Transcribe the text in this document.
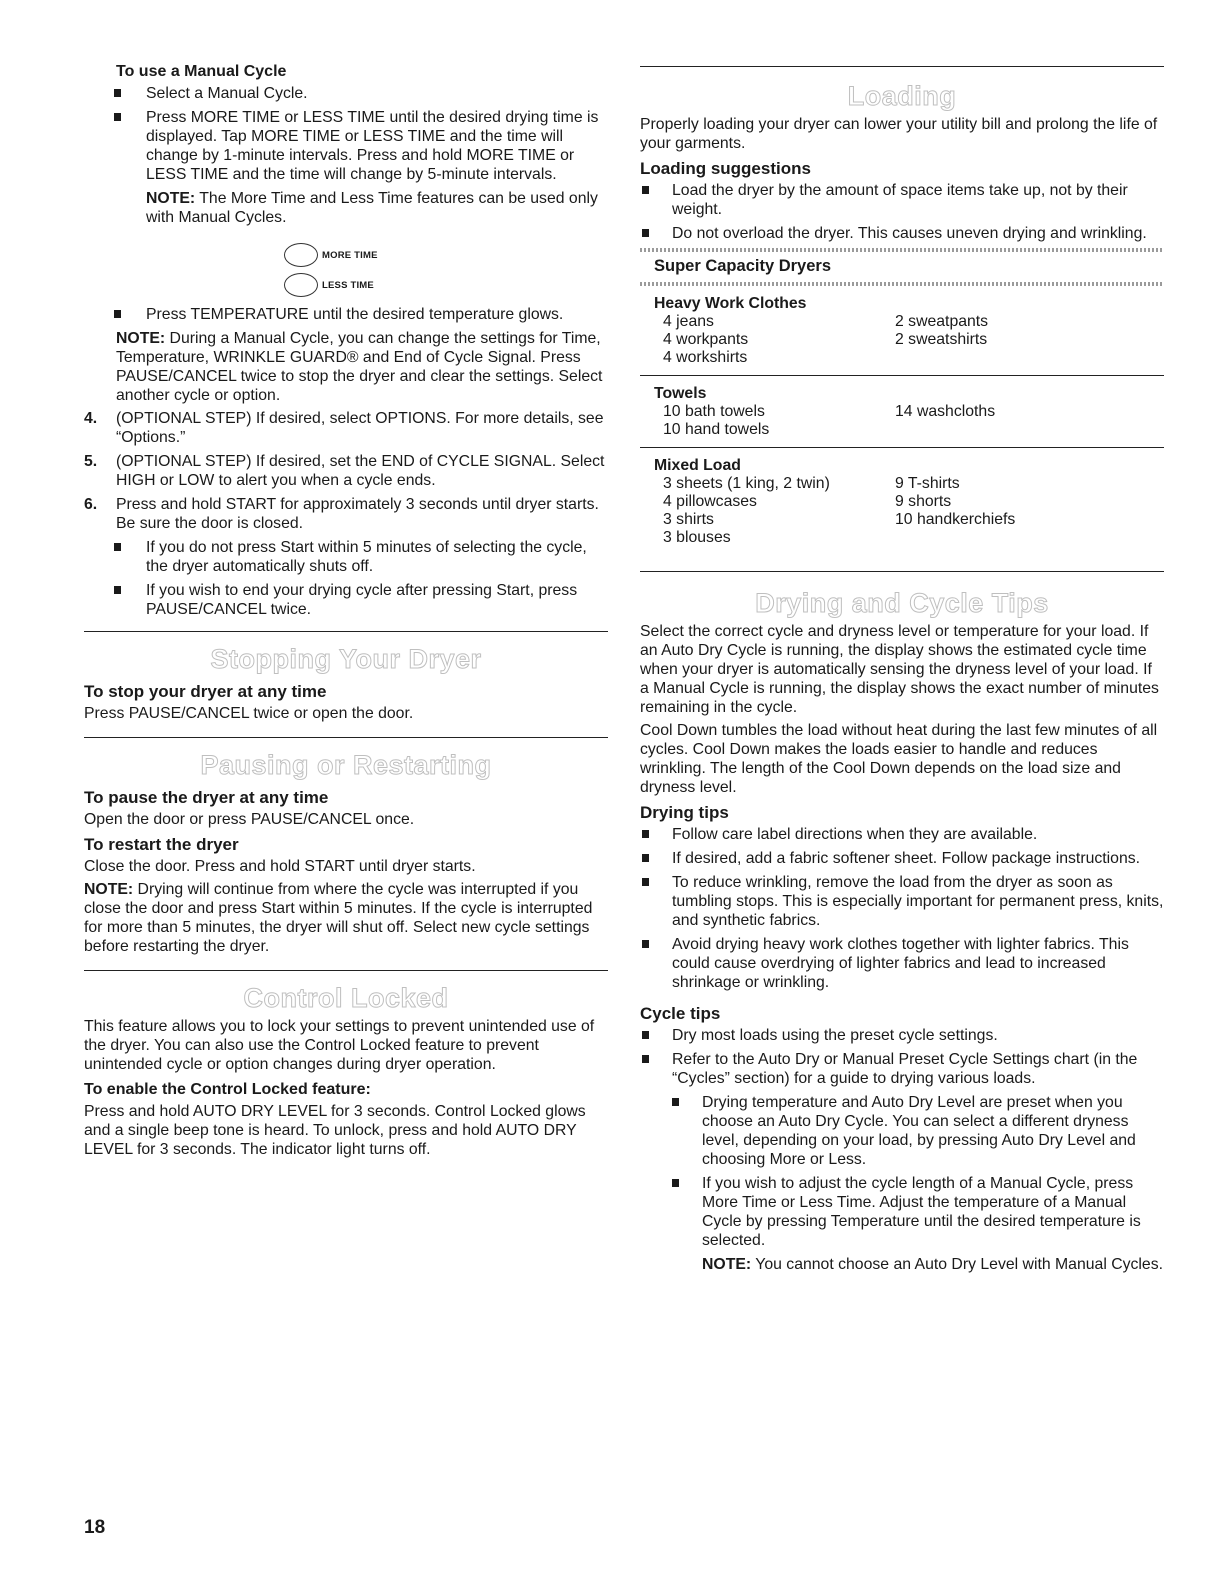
To use a Manual Cycle
Select a Manual Cycle.
Press MORE TIME or LESS TIME until the desired drying time is displayed. Tap MORE TIME or LESS TIME and the time will change by 1-minute intervals. Press and hold MORE TIME or LESS TIME and the time will change by 5-minute intervals.

NOTE: The More Time and Less Time features can be used only with Manual Cycles.

MORE TIME
LESS TIME
Press TEMPERATURE until the desired temperature glows.

NOTE: During a Manual Cycle, you can change the settings for Time, Temperature, WRINKLE GUARD® and End of Cycle Signal. Press PAUSE/CANCEL twice to stop the dryer and clear the settings. Select another cycle or option.

4. (OPTIONAL STEP) If desired, select OPTIONS. For more details, see “Options.”
5. (OPTIONAL STEP) If desired, set the END of CYCLE SIGNAL. Select HIGH or LOW to alert you when a cycle ends.
6. Press and hold START for approximately 3 seconds until dryer starts. Be sure the door is closed.
If you do not press Start within 5 minutes of selecting the cycle, the dryer automatically shuts off.
If you wish to end your drying cycle after pressing Start, press PAUSE/CANCEL twice.
Stopping Your Dryer
To stop your dryer at any time

Press PAUSE/CANCEL twice or open the door.

Pausing or Restarting
To pause the dryer at any time

Open the door or press PAUSE/CANCEL once.

To restart the dryer

Close the door. Press and hold START until dryer starts.

NOTE: Drying will continue from where the cycle was interrupted if you close the door and press Start within 5 minutes. If the cycle is interrupted for more than 5 minutes, the dryer will shut off. Select new cycle settings before restarting the dryer.

Control Locked

This feature allows you to lock your settings to prevent unintended use of the dryer. You can also use the Control Locked feature to prevent unintended cycle or option changes during dryer operation.

To enable the Control Locked feature:

Press and hold AUTO DRY LEVEL for 3 seconds. Control Locked glows and a single beep tone is heard. To unlock, press and hold AUTO DRY LEVEL for 3 seconds. The indicator light turns off.

Loading

Properly loading your dryer can lower your utility bill and prolong the life of your garments.

Loading suggestions
Load the dryer by the amount of space items take up, not by their weight.
Do not overload the dryer. This causes uneven drying and wrinkling.
Super Capacity Dryers
Heavy Work Clothes
4 jeans	2 sweatpants
4 workpants	2 sweatshirts
4 workshirts
Towels
10 bath towels	14 washcloths
10 hand towels
Mixed Load
3 sheets (1 king, 2 twin)	9 T-shirts
4 pillowcases	9 shorts
3 shirts	10 handkerchiefs
3 blouses
Drying and Cycle Tips

Select the correct cycle and dryness level or temperature for your load. If an Auto Dry Cycle is running, the display shows the estimated cycle time when your dryer is automatically sensing the dryness level of your load. If a Manual Cycle is running, the display shows the exact number of minutes remaining in the cycle.

Cool Down tumbles the load without heat during the last few minutes of all cycles. Cool Down makes the loads easier to handle and reduces wrinkling. The length of the Cool Down depends on the load size and dryness level.

Drying tips
Follow care label directions when they are available.
If desired, add a fabric softener sheet. Follow package instructions.
To reduce wrinkling, remove the load from the dryer as soon as tumbling stops. This is especially important for permanent press, knits, and synthetic fabrics.
Avoid drying heavy work clothes together with lighter fabrics. This could cause overdrying of lighter fabrics and lead to increased shrinkage or wrinkling.
Cycle tips
Dry most loads using the preset cycle settings.
Refer to the Auto Dry or Manual Preset Cycle Settings chart (in the “Cycles” section) for a guide to drying various loads.
Drying temperature and Auto Dry Level are preset when you choose an Auto Dry Cycle. You can select a different dryness level, depending on your load, by pressing Auto Dry Level and choosing More or Less.
If you wish to adjust the cycle length of a Manual Cycle, press More Time or Less Time. Adjust the temperature of a Manual Cycle by pressing Temperature until the desired temperature is selected.

NOTE: You cannot choose an Auto Dry Level with Manual Cycles.

18
